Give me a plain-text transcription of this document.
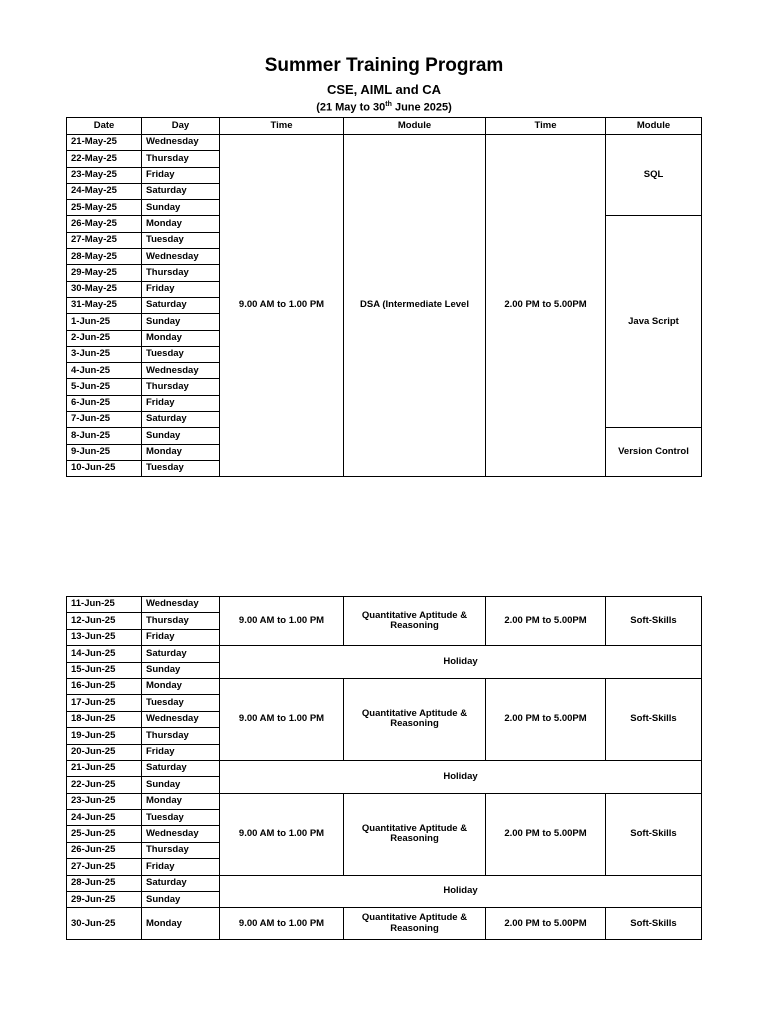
Summer Training Program
CSE, AIML and CA
(21 May to 30th June 2025)
Date	Day	Time	Module	Time	Module
21-May-25	Wednesday	9.00 AM to 1.00 PM	DSA (Intermediate Level	2.00 PM to 5.00PM	SQL
22-May-25	Thursday				
23-May-25	Friday				
24-May-25	Saturday				
25-May-25	Sunday				
26-May-25	Monday				Java Script
27-May-25	Tuesday				
28-May-25	Wednesday				
29-May-25	Thursday				
30-May-25	Friday				
31-May-25	Saturday				
1-Jun-25	Sunday				
2-Jun-25	Monday				
3-Jun-25	Tuesday				
4-Jun-25	Wednesday				
5-Jun-25	Thursday				
6-Jun-25	Friday				
7-Jun-25	Saturday				
8-Jun-25	Sunday				Version Control
9-Jun-25	Monday				
10-Jun-25	Tuesday				
11-Jun-25	Wednesday	9.00 AM to 1.00 PM	Quantitative Aptitude & Reasoning	2.00 PM to 5.00PM	Soft-Skills
12-Jun-25	Thursday				
13-Jun-25	Friday				
14-Jun-25	Saturday	Holiday			
15-Jun-25	Sunday				
16-Jun-25	Monday	9.00 AM to 1.00 PM	Quantitative Aptitude & Reasoning	2.00 PM to 5.00PM	Soft-Skills
17-Jun-25	Tuesday				
18-Jun-25	Wednesday				
19-Jun-25	Thursday				
20-Jun-25	Friday				
21-Jun-25	Saturday	Holiday			
22-Jun-25	Sunday				
23-Jun-25	Monday	9.00 AM to 1.00 PM	Quantitative Aptitude & Reasoning	2.00 PM to 5.00PM	Soft-Skills
24-Jun-25	Tuesday				
25-Jun-25	Wednesday				
26-Jun-25	Thursday				
27-Jun-25	Friday				
28-Jun-25	Saturday	Holiday			
29-Jun-25	Sunday				
30-Jun-25	Monday	9.00 AM to 1.00 PM	Quantitative Aptitude & Reasoning	2.00 PM to 5.00PM	Soft-Skills
